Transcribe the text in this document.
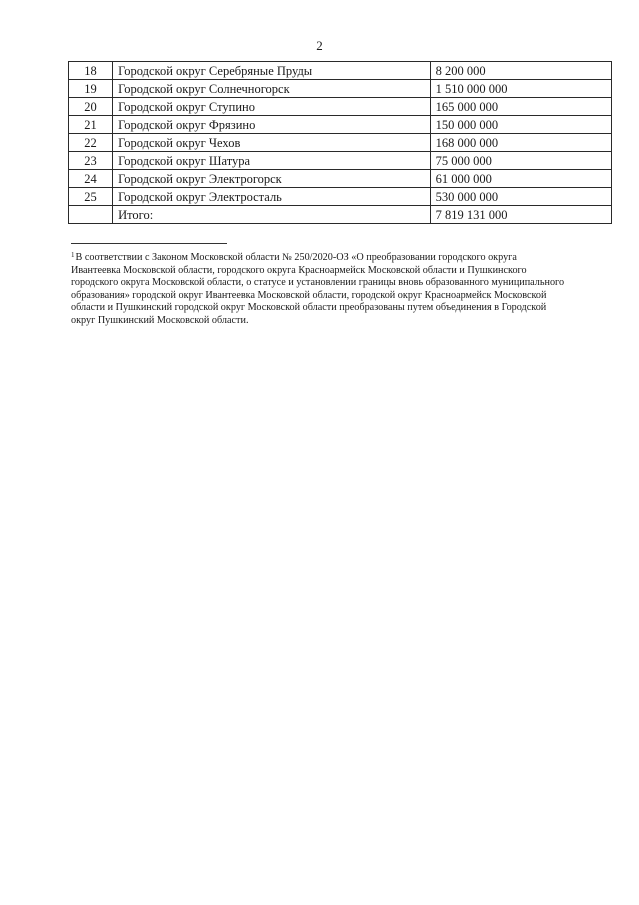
2
18	Городской округ Серебряные Пруды	8 200 000
19	Городской округ Солнечногорск	1 510 000 000
20	Городской округ Ступино	165 000 000
21	Городской округ Фрязино	150 000 000
22	Городской округ Чехов	168 000 000
23	Городской округ Шатура	75 000 000
24	Городской округ Электрогорск	61 000 000
25	Городской округ Электросталь	530 000 000
	Итого:	7 819 131 000
$^1$В соответствии с Законом Московской области № 250/2020-ОЗ «О преобразовании городского округа
Ивантеевка Московской области, городского округа Красноармейск Московской области и Пушкинского
городского округа Московской области, о статусе и установлении границы вновь образованного муниципального
образования» городской округ Ивантеевка Московской области, городской округ Красноармейск Московской
области и Пушкинский городской округ Московской области преобразованы путем объединения в Городской
округ Пушкинский Московской области.
